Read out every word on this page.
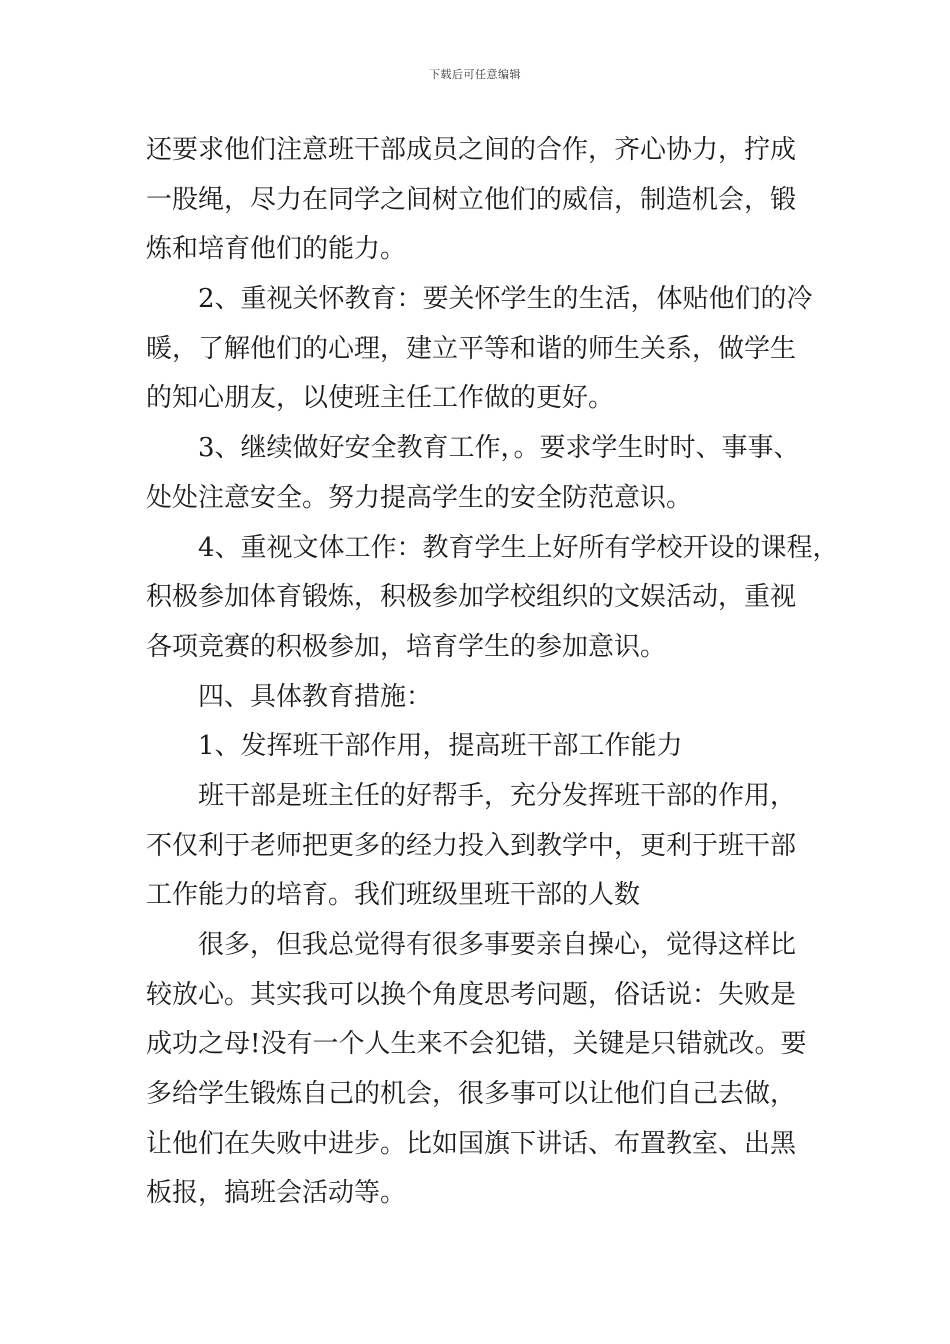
下载后可任意编辑
还要求他们注意班干部成员之间的合作，齐心协力，拧成
一股绳，尽力在同学之间树立他们的威信，制造机会，锻
炼和培育他们的能力。
2、重视关怀教育：要关怀学生的生活，体贴他们的冷
暖，了解他们的心理，建立平等和谐的师生关系，做学生
的知心朋友，以使班主任工作做的更好。
3、继续做好安全教育工作，。要求学生时时、事事、
处处注意安全。努力提高学生的安全防范意识。
4、重视文体工作：教育学生上好所有学校开设的课程，
积极参加体育锻炼，积极参加学校组织的文娱活动，重视
各项竞赛的积极参加，培育学生的参加意识。
四、具体教育措施：
1、发挥班干部作用，提高班干部工作能力
班干部是班主任的好帮手，充分发挥班干部的作用，
不仅利于老师把更多的经力投入到教学中，更利于班干部
工作能力的培育。我们班级里班干部的人数
很多，但我总觉得有很多事要亲自操心，觉得这样比
较放心。其实我可以换个角度思考问题，俗话说：失败是
成功之母!没有一个人生来不会犯错，关键是只错就改。要
多给学生锻炼自己的机会，很多事可以让他们自己去做，
让他们在失败中进步。比如国旗下讲话、布置教室、出黑
板报，搞班会活动等。
